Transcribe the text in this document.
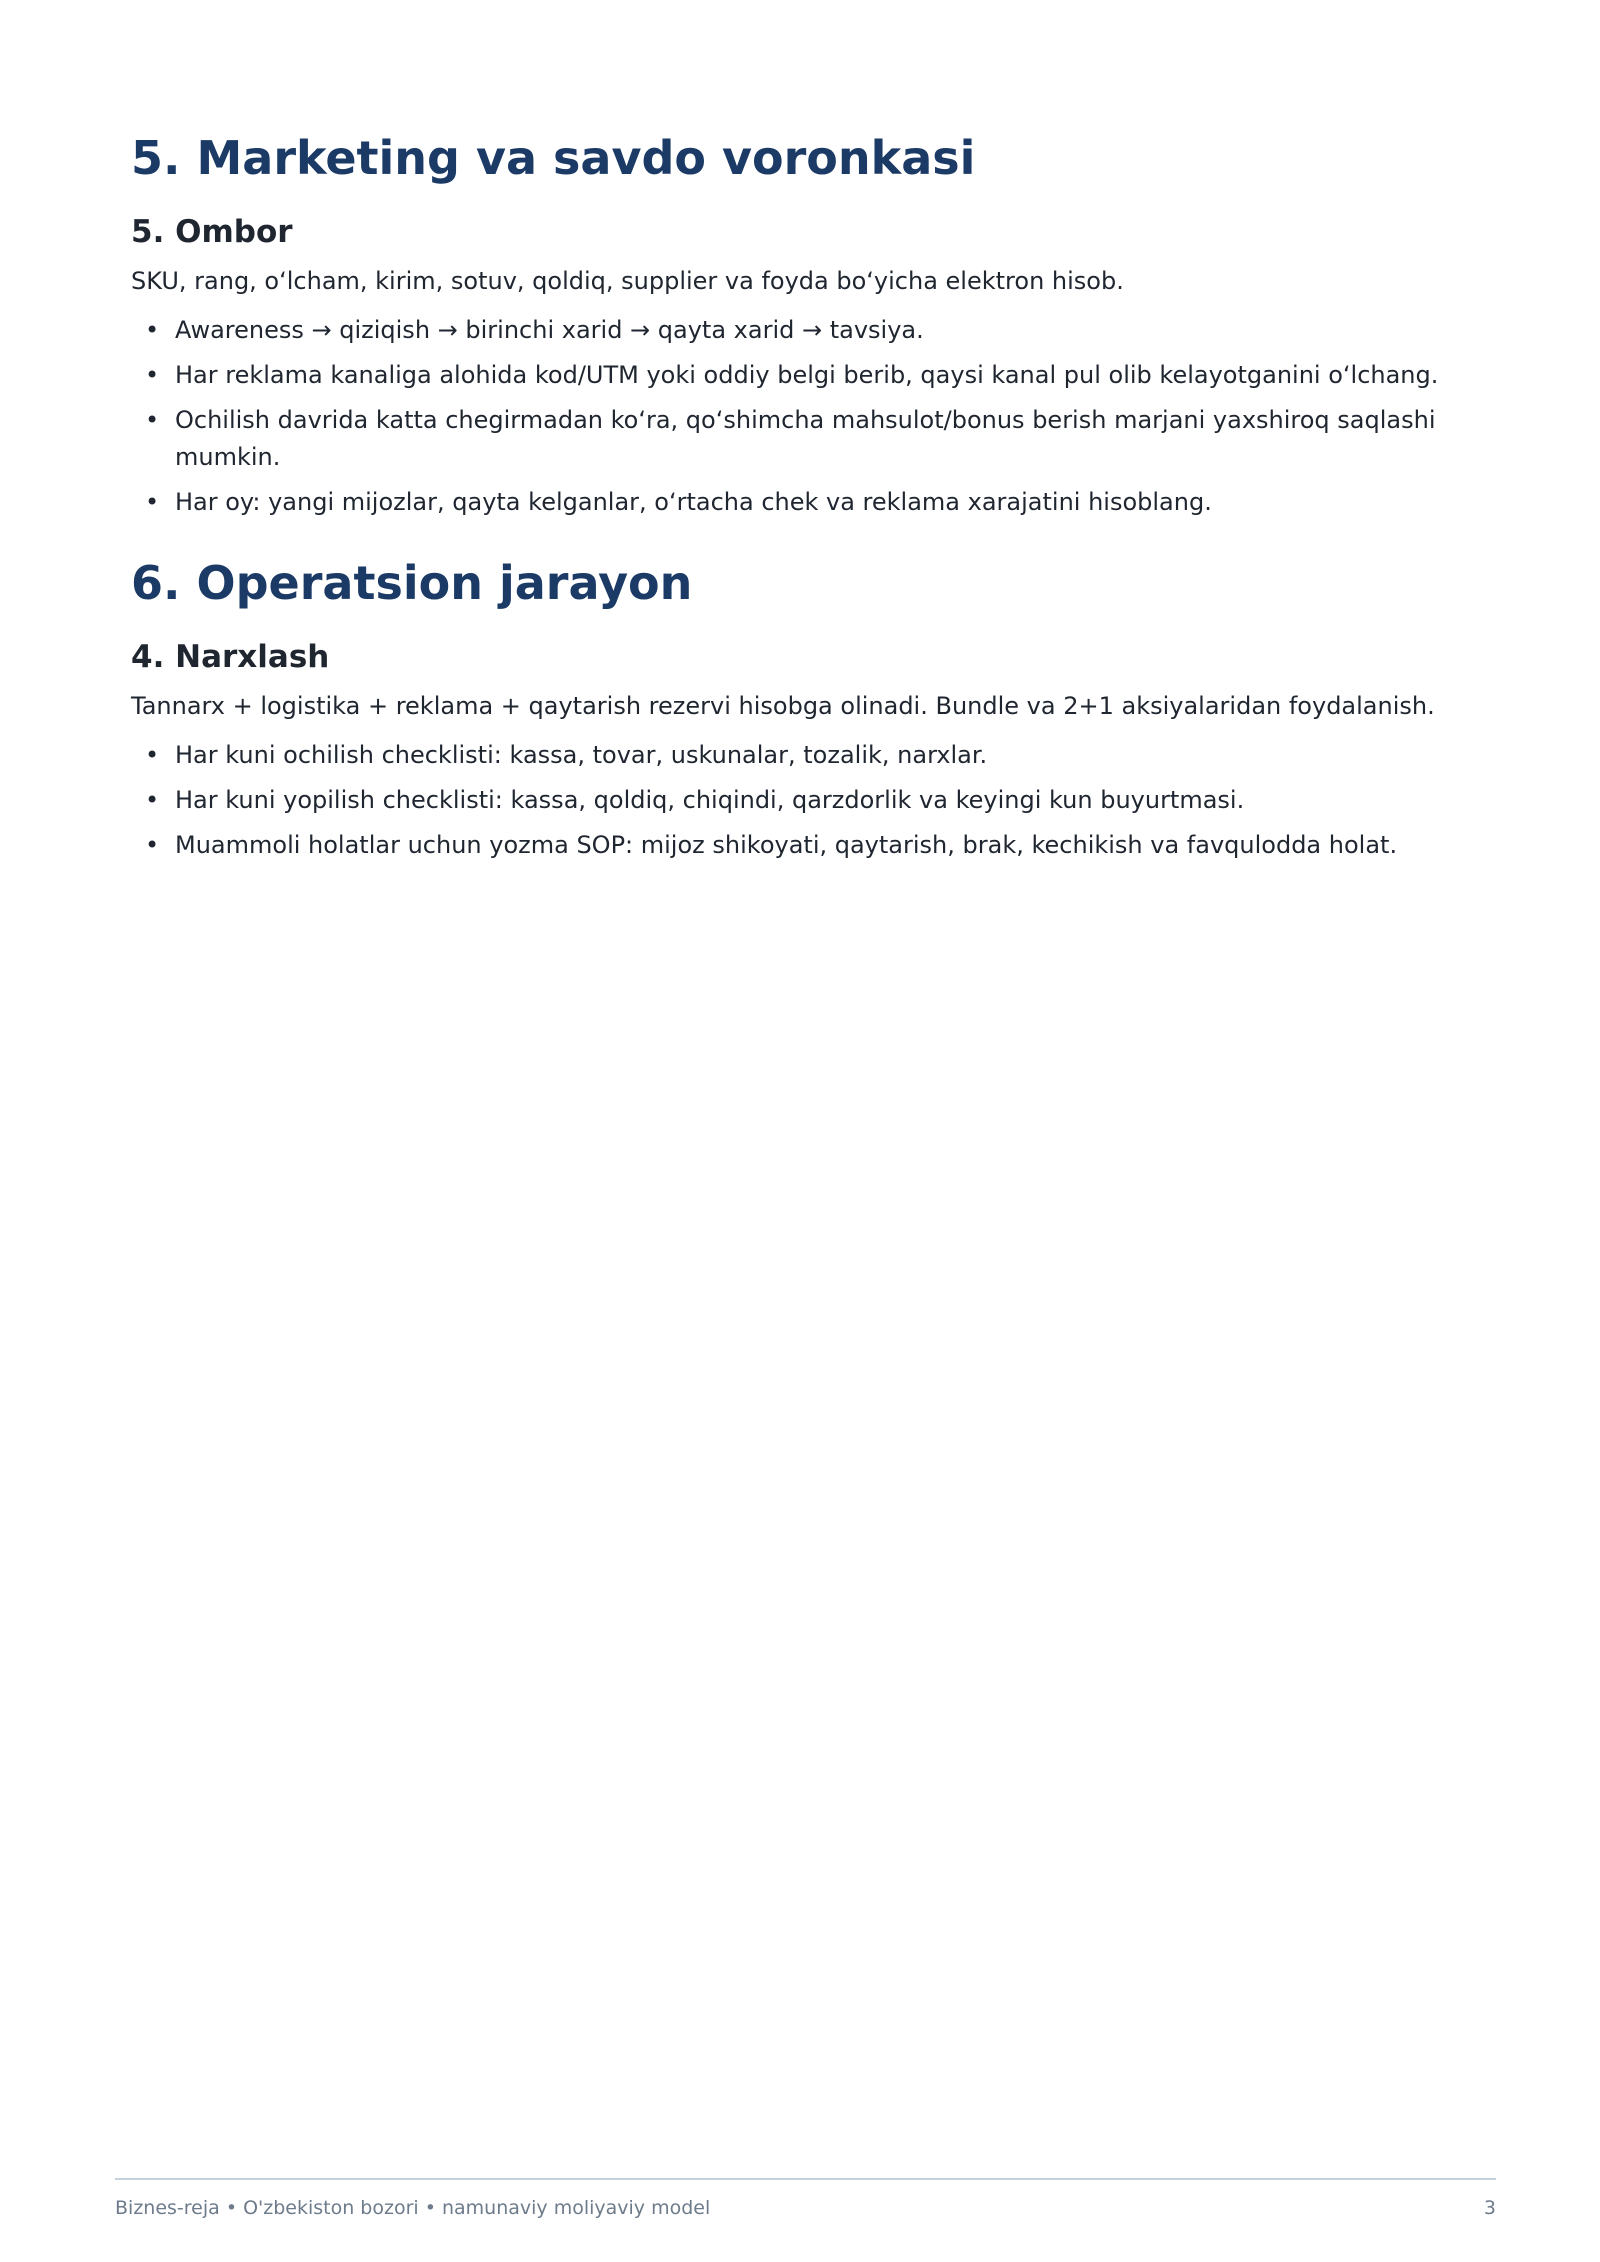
5. Marketing va savdo voronkasi
5. Ombor

SKU, rang, o‘lcham, kirim, sotuv, qoldiq, supplier va foyda bo‘yicha elektron hisob.

• Awareness → qiziqish → birinchi xarid → qayta xarid → tavsiya.
• Har reklama kanaliga alohida kod/UTM yoki oddiy belgi berib, qaysi kanal pul olib kelayotganini o‘lchang.
• Ochilish davrida katta chegirmadan ko‘ra, qo‘shimcha mahsulot/bonus berish marjani yaxshiroq saqlashi mumkin.
• Har oy: yangi mijozlar, qayta kelganlar, o‘rtacha chek va reklama xarajatini hisoblang.
6. Operatsion jarayon
4. Narxlash

Tannarx + logistika + reklama + qaytarish rezervi hisobga olinadi. Bundle va 2+1 aksiyalaridan foydalanish.

• Har kuni ochilish checklisti: kassa, tovar, uskunalar, tozalik, narxlar.
• Har kuni yopilish checklisti: kassa, qoldiq, chiqindi, qarzdorlik va keyingi kun buyurtmasi.
• Muammoli holatlar uchun yozma SOP: mijoz shikoyati, qaytarish, brak, kechikish va favqulodda holat.
Biznes-reja • O'zbekiston bozori • namunaviy moliyaviy model	3
